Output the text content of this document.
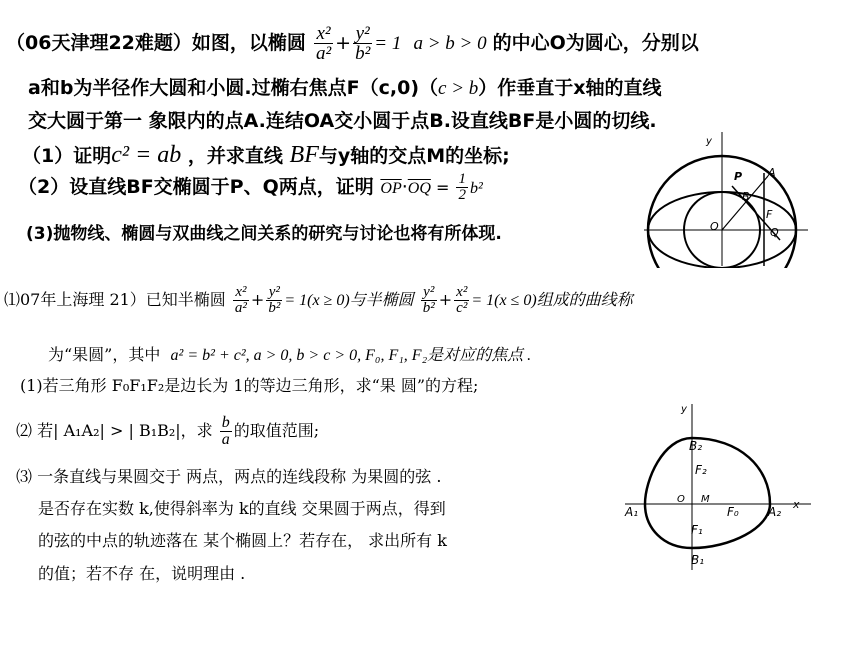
（06天津理22难题）如图，以椭圆 $\frac{\text{x²}}{\text{a²}} + \frac{\text{y²}}{\text{b²}} = 1$ a > b > 0 的中心O为圆心，分别以
a和b为半径作大圆和小圆.过椭右焦点F（c,0)（c > b）作垂直于x轴的直线
交大圆于第一 象限内的点A.连结OA交小圆于点B.设直线BF是小圆的切线.
（1）证明c² = ab ，并求直线 BF与y轴的交点M的坐标;
（2）设直线BF交椭圆于P、Q两点，证明 $\overline{OP}\cdot\overline{OQ} = \frac{1}{2} b^2$
(3)抛物线、椭圆与双曲线之间关系的研究与讨论也将有所体现.
y
P A
B
O
F
Q
⑴07年上海理 21）已知半椭圆 $\frac{\text{x²}}{\text{a²}} + \frac{\text{y²}}{\text{b²}} = 1(x \ge 0)$与半椭圆 $\frac{\text{y²}}{\text{b²}} + \frac{\text{x²}}{\text{c²}} = 1(x \le 0)$组成的曲线称
为“果圆”，其中 a² = b² + c², a > 0, b > c > 0, F₀, F₁, F₂是对应的焦点 .
(1)若三角形 F₀F₁F₂是边长为 1的等边三角形，求“果 圆”的方程;
⑵ 若| A₁A₂| > | B₁B₂|，求 $\frac{b}{a}$ 的取值范围;
⑶ 一条直线与果圆交于 两点，两点的连线段称 为果圆的弦 .
是否存在实数 k,使得斜率为 k的直线 交果圆于两点，得到
的弦的中点的轨迹落在 某个椭圆上？若存在， 求出所有 k
的值；若不存 在，说明理由 .
y
x
B₂
F₂
O M
A₁	F₀ A₂
F₁
B₁
